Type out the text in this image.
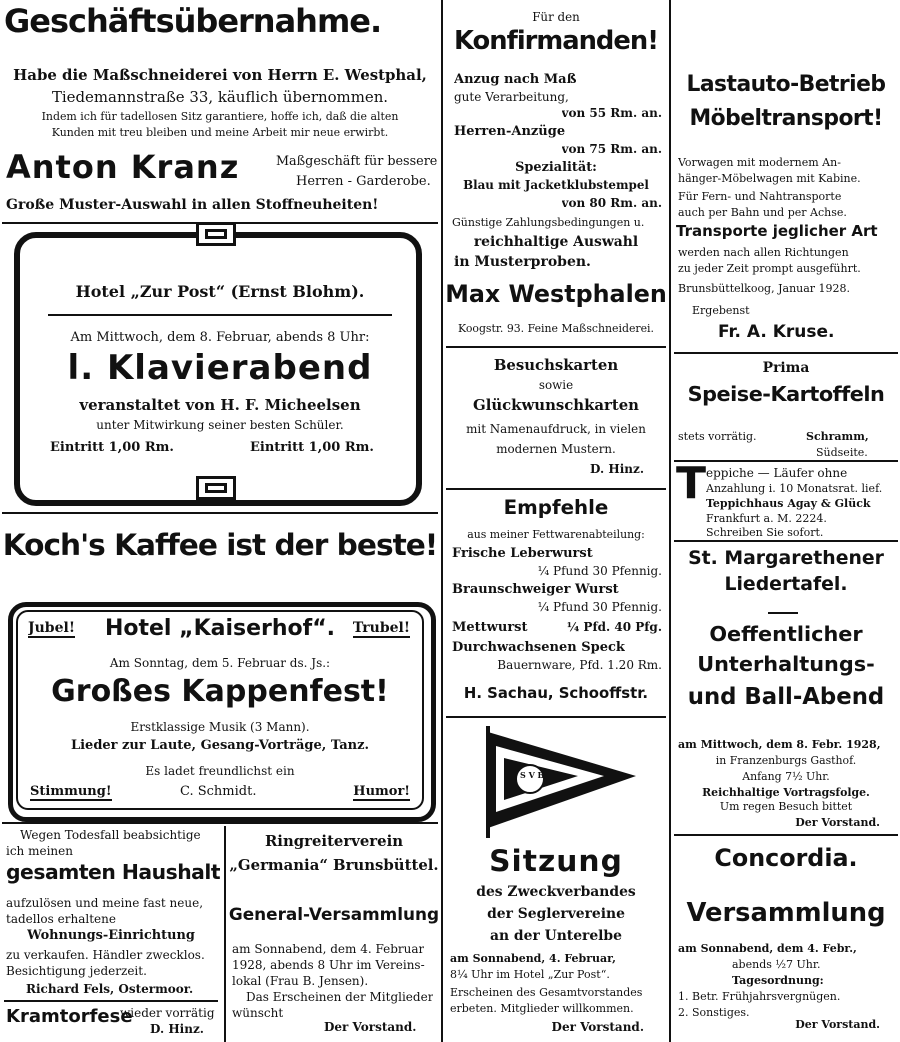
Geschäftsübernahme.
Habe die Maßschneiderei von Herrn E. Westphal,
Tiedemannstraße 33, käuflich übernommen.
Indem ich für tadellosen Sitz garantiere, hoffe ich, daß die alten
Kunden mit treu bleiben und meine Arbeit mir neue erwirbt.
Anton Kranz	Maßgeschäft für bessere
Herren - Garderobe.
Große Muster-Auswahl in allen Stoffneuheiten!
Hotel „Zur Post“ (Ernst Blohm).
Am Mittwoch, dem 8. Februar, abends 8 Uhr:
l. Klavierabend
veranstaltet von H. F. Micheelsen
unter Mitwirkung seiner besten Schüler.
Eintritt 1,00 Rm.	Eintritt 1,00 Rm.
Koch's Kaffee ist der beste!
Jubel!	Hotel „Kaiserhof“.	Trubel!
Am Sonntag, dem 5. Februar ds. Js.:
Großes Kappenfest!
Erstklassige Musik (3 Mann).
Lieder zur Laute, Gesang-Vorträge, Tanz.
Es ladet freundlichst ein
Stimmung!	C. Schmidt.	Humor!
Wegen Todesfall beabsichtige
ich meinen
gesamten Haushalt
aufzulösen und meine fast neue,
tadellos erhaltene
Wohnungs-Einrichtung
zu verkaufen. Händler zwecklos.
Besichtigung jederzeit.
Richard Fels, Ostermoor.
Kramtorfese
wieder vorrätig
D. Hinz.
Ringreiterverein
„Germania“ Brunsbüttel.
General-Versammlung
am Sonnabend, dem 4. Februar
1928, abends 8 Uhr im Vereins-
lokal (Frau B. Jensen).
Das Erscheinen der Mitglieder
wünscht
Der Vorstand.
Für den
Konfirmanden!
Anzug nach Maß
gute Verarbeitung,
von 55 Rm. an.
Herren-Anzüge
von 75 Rm. an.
Spezialität:
Blau mit Jacketklubstempel
von 80 Rm. an.
Günstige Zahlungsbedingungen u.
reichhaltige Auswahl
in Musterproben.
Max Westphalen
Koogstr. 93. Feine Maßschneiderei.
Besuchskarten
sowie
Glückwunschkarten
mit Namenaufdruck, in vielen
modernen Mustern.
D. Hinz.
Empfehle
aus meiner Fettwarenabteilung:
Frische Leberwurst
¼ Pfund 30 Pfennig.
Braunschweiger Wurst
¼ Pfund 30 Pfennig.
Mettwurst	¼ Pfd. 40 Pfg.
Durchwachsenen Speck
Bauernware, Pfd. 1.20 Rm.
H. Sachau, Schooffstr.
S V B
Sitzung
des Zweckverbandes
der Seglervereine
an der Unterelbe
am Sonnabend, 4. Februar,
8¼ Uhr im Hotel „Zur Post“.
Erscheinen des Gesamtvorstandes
erbeten. Mitglieder willkommen.
Der Vorstand.
Lastauto-Betrieb
Möbeltransport!
Vorwagen mit modernem An-
hänger-Möbelwagen mit Kabine.
Für Fern- und Nahtransporte
auch per Bahn und per Achse.
Transporte jeglicher Art
werden nach allen Richtungen
zu jeder Zeit prompt ausgeführt.
Brunsbüttelkoog, Januar 1928.
Ergebenst
Fr. A. Kruse.
Prima
Speise-Kartoffeln
stets vorrätig.	Schramm,
Südseite.
T eppiche — Läufer ohne
Anzahlung i. 10 Monatsrat. lief.
Teppichhaus Agay & Glück
Frankfurt a. M. 2224.
Schreiben Sie sofort.
St. Margarethener
Liedertafel.
Oeffentlicher
Unterhaltungs-
und Ball-Abend
am Mittwoch, dem 8. Febr. 1928,
in Franzenburgs Gasthof.
Anfang 7½ Uhr.
Reichhaltige Vortragsfolge.
Um regen Besuch bittet
Der Vorstand.
Concordia.
Versammlung
am Sonnabend, dem 4. Febr.,
abends ½7 Uhr.
Tagesordnung:
1. Betr. Frühjahrsvergnügen.
2. Sonstiges.
Der Vorstand.
